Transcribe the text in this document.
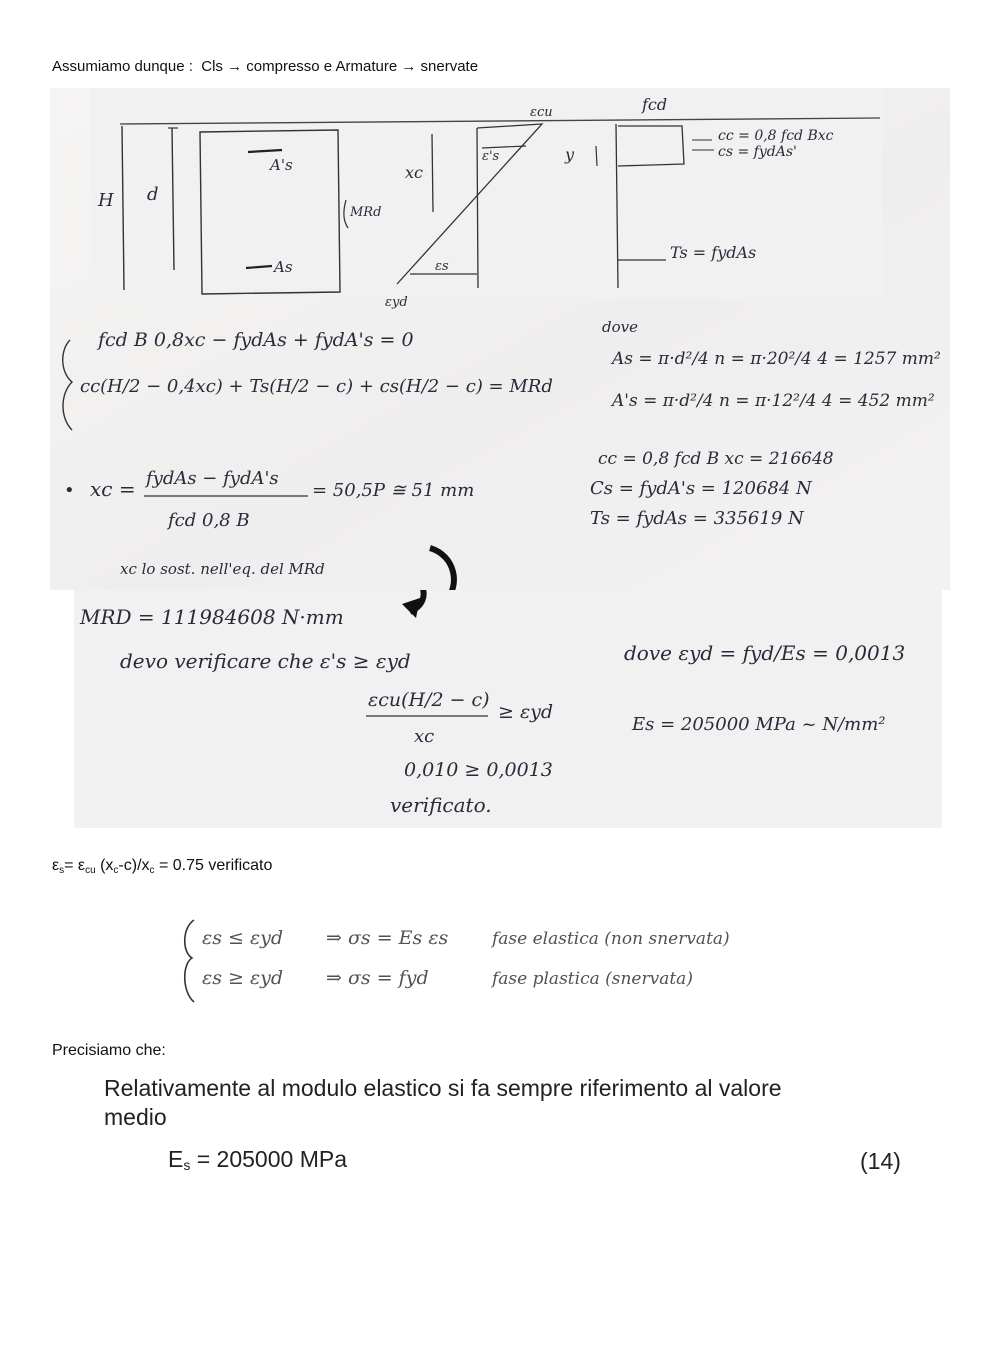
Assumiamo dunque : Cls → compresso e Armature → snervate
H d
A's
As
MRd
xc
ε's
εcu
εs
εyd
y
fcd
cc = 0,8 fcd Bxc
cs = fydAs'
Ts = fydAs
fcd B 0,8xc − fydAs + fydA's = 0
cc(H/2 − 0,4xc) + Ts(H/2 − c) + cs(H/2 − c) = MRd
• xc = fydAs − fydA's
fcd 0,8 B
= 50,5P ≅ 51 mm
xc lo sost. nell'eq. del MRd
dove
As = π·d²/4 n = π·20²/4 4 = 1257 mm²
A's = π·d²/4 n = π·12²/4 4 = 452 mm²
cc = 0,8 fcd B xc = 216648
Cs = fydA's = 120684 N
Ts = fydAs = 335619 N
MRD = 111984608 N·mm
devo verificare che ε's ≥ εyd	dove εyd = fyd/Es = 0,0013
Es = 205000 MPa ~ N/mm²
εcu(H/2 − c)
xc
≥ εyd
0,010 ≥ 0,0013
verificato.
$\varepsilon_s= \varepsilon_{cu}$ $(x_c-c)/x_c = 0.75$ verificato
εs ≤ εyd ⇒ σs = Es εs	fase elastica (non snervata)
εs ≥ εyd ⇒ σs = fyd	fase plastica (snervata)
Precisiamo che:
Relativamente al modulo elastico si fa sempre riferimento al valore
medio
$E_s = 205000$ MPa	(14)
